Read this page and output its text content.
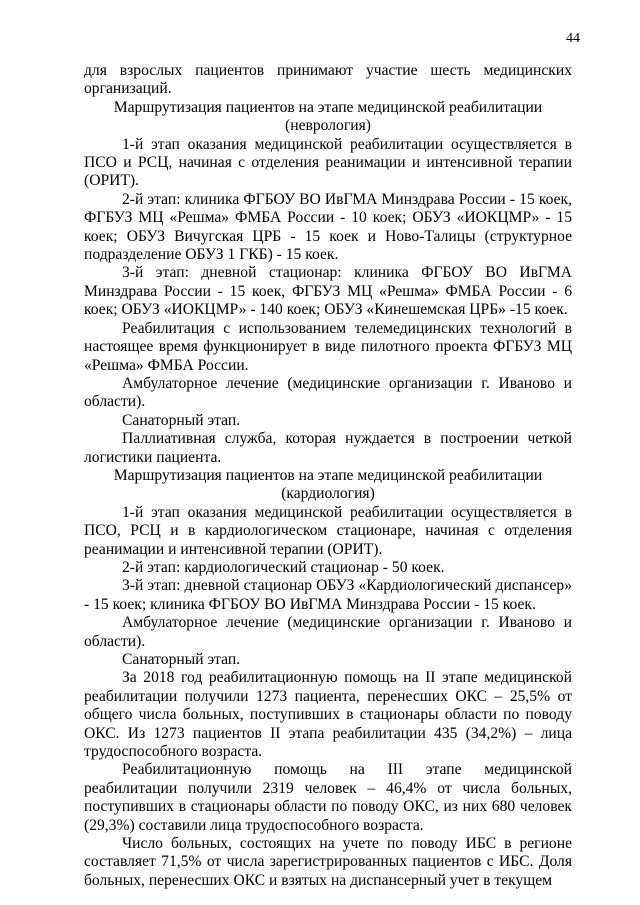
44

для взрослых пациентов принимают участие шесть медицинских организаций.

Маршрутизация пациентов на этапе медицинской реабилитации (неврология)

1-й этап оказания медицинской реабилитации осуществляется в ПСО и РСЦ, начиная с отделения реанимации и интенсивной терапии (ОРИТ).

2-й этап: клиника ФГБОУ ВО ИвГМА Минздрава России - 15 коек, ФГБУЗ МЦ «Решма» ФМБА России - 10 коек; ОБУЗ «ИОКЦМР» - 15 коек; ОБУЗ Вичугская ЦРБ - 15 коек и Ново-Талицы (структурное подразделение ОБУЗ 1 ГКБ) - 15 коек.

3-й этап: дневной стационар: клиника ФГБОУ ВО ИвГМА Минздрава России - 15 коек, ФГБУЗ МЦ «Решма» ФМБА России - 6 коек; ОБУЗ «ИОКЦМР» - 140 коек; ОБУЗ «Кинешемская ЦРБ» -15 коек.

Реабилитация с использованием телемедицинских технологий в настоящее время функционирует в виде пилотного проекта ФГБУЗ МЦ «Решма» ФМБА России.

Амбулаторное лечение (медицинские организации г. Иваново и области).

Санаторный этап.

Паллиативная служба, которая нуждается в построении четкой логистики пациента.

Маршрутизация пациентов на этапе медицинской реабилитации (кардиология)

1-й этап оказания медицинской реабилитации осуществляется в ПСО, РСЦ и в кардиологическом стационаре, начиная с отделения реанимации и интенсивной терапии (ОРИТ).

2-й этап: кардиологический стационар - 50 коек.

3-й этап: дневной стационар ОБУЗ «Кардиологический диспансер» - 15 коек; клиника ФГБОУ ВО ИвГМА Минздрава России - 15 коек.

Амбулаторное лечение (медицинские организации г. Иваново и области).

Санаторный этап.

За 2018 год реабилитационную помощь на II этапе медицинской реабилитации получили 1273 пациента, перенесших ОКС – 25,5% от общего числа больных, поступивших в стационары области по поводу ОКС. Из 1273 пациентов II этапа реабилитации 435 (34,2%) – лица трудоспособного возраста.

Реабилитационную помощь на III этапе медицинской реабилитации получили 2319 человек – 46,4% от числа больных, поступивших в стационары области по поводу ОКС, из них 680 человек (29,3%) составили лица трудоспособного возраста.

Число больных, состоящих на учете по поводу ИБС в регионе составляет 71,5% от числа зарегистрированных пациентов с ИБС. Доля больных, перенесших ОКС и взятых на диспансерный учет в текущем
